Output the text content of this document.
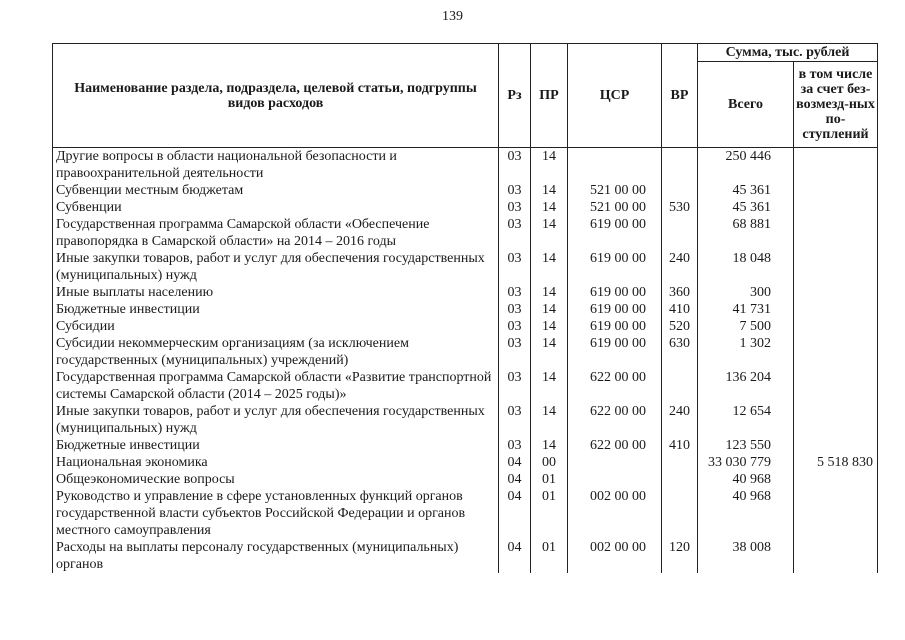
139
Наименование раздела, подраздела, целевой статьи, подгруппы видов расходов	Рз	ПР	ЦСР	ВР	Сумма, тыс. рублей	
					Всего	в том числе за счет без-возмезд-ных по-ступлений
Другие вопросы в области национальной безопасности и правоохранительной деятельности	03	14			250 446	
Субвенции местным бюджетам	03	14	521 00 00		45 361	
Субвенции	03	14	521 00 00	530	45 361	
Государственная программа Самарской области «Обеспечение правопорядка в Самарской области» на 2014 – 2016 годы	03	14	619 00 00		68 881	
Иные закупки товаров, работ и услуг для обеспечения государственных (муниципальных) нужд	03	14	619 00 00	240	18 048	
Иные выплаты населению	03	14	619 00 00	360	300	
Бюджетные инвестиции	03	14	619 00 00	410	41 731	
Субсидии	03	14	619 00 00	520	7 500	
Субсидии некоммерческим организациям (за исключением государственных (муниципальных) учреждений)	03	14	619 00 00	630	1 302	
Государственная программа Самарской области «Развитие транспортной системы Самарской области (2014 – 2025 годы)»	03	14	622 00 00		136 204	
Иные закупки товаров, работ и услуг для обеспечения государственных (муниципальных) нужд	03	14	622 00 00	240	12 654	
Бюджетные инвестиции	03	14	622 00 00	410	123 550	
Национальная экономика	04	00			33 030 779	5 518 830
Общеэкономические вопросы	04	01			40 968	
Руководство и управление в сфере установленных функций органов государственной власти субъектов Российской Федерации и органов местного самоуправления	04	01	002 00 00		40 968	
Расходы на выплаты персоналу государственных (муниципальных) органов	04	01	002 00 00	120	38 008	
